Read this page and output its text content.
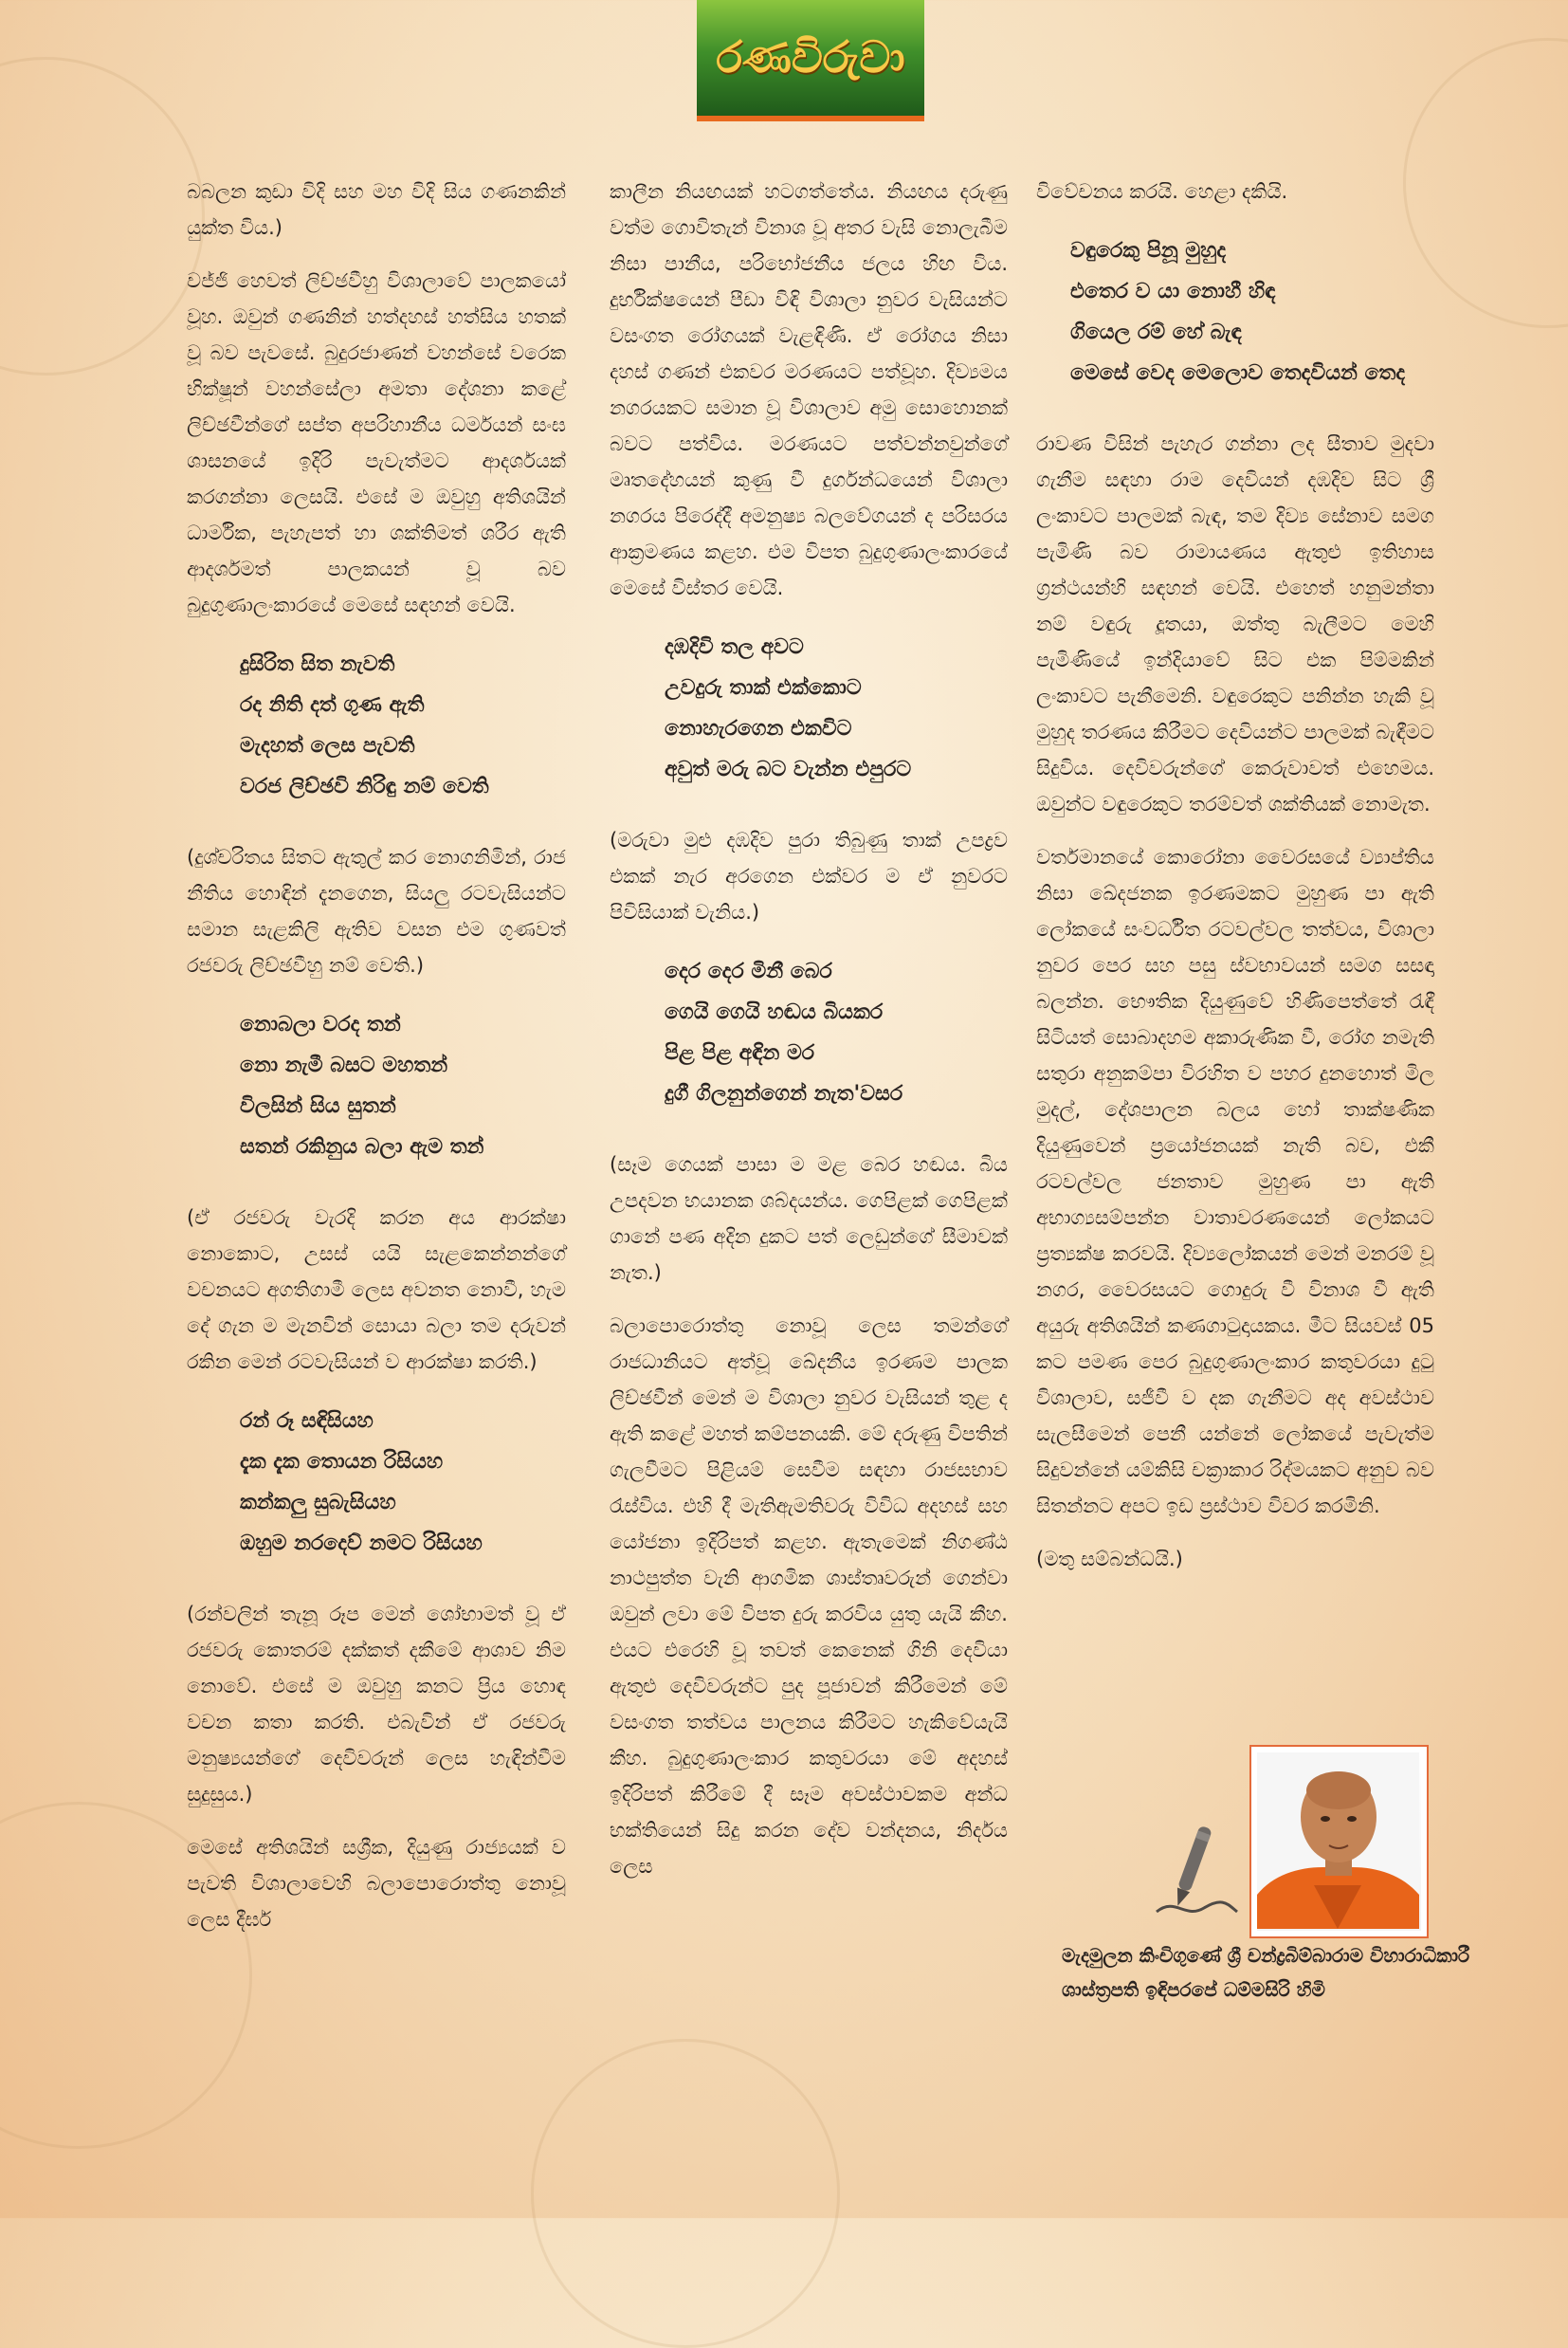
රණවිරුවා

බබලන කුඩා විදි සහ මහ විදි සිය ගණනකින් යුක්ත විය.)

වජ්ජි හෙවත් ලිච්ඡවීහු විශාලාවේ පාලකයෝ වූහ. ඔවුන් ගණනින් හත්දහස් හත්සිය හතක් වූ බව පැවසේ. බුදුරජාණන් වහන්සේ වරෙක භික්ෂූන් වහන්සේලා අමතා දේශනා කළේ ලිච්ඡවීන්ගේ සප්ත අපරිහානීය ධර්මයන් සංඝ ශාසනයේ ඉදිරි පැවැත්මට ආදර්ශයක් කරගන්නා ලෙසයි. එසේ ම ඔවුහු අතිශයින් ධාර්මික, පැහැපත් හා ශක්තිමත් ශරීර ඇති ආදර්ශමත් පාලකයන් වූ බව බුදුගුණාලංකාරයේ මෙසේ සඳහන් වෙයි.

දුසිරිත සිත නැවති
රද නිති දත් ගුණ ඇති
මැදහත් ලෙස පැවති
වරජ ලිච්ඡවි නිරිඳු නම් වෙති

(දුශ්චරිතය සිතට ඇතුල් කර නොගනිමින්, රාජ නීතිය හොඳින් දැනගෙන, සියලු රටවැසියන්ට සමාන සැළකිලි ඇතිව වසන එම ගුණවත් රජවරු ලිච්ඡවීහු නම් වෙති.)

නොබලා වරද තන්
නො නැමී බසට මහතන්
විලසින් සිය සුතන්
සතන් රකිනුය බලා ඇම තන්

(ඒ රජවරු වැරදි කරන අය ආරක්ෂා නොකොට, උසස් යයි සැළකෙන්නන්ගේ වචනයට අගතිගාමී ලෙස අවනත නොවී, හැම දේ ගැන ම මැනවින් සොයා බලා තම දරුවන් රකින මෙන් රටවැසියන් ව ආරක්ෂා කරති.)

රන් රූ සඳිසියහ
දැක දැක තොයන රිසියහ
කන්කලු සුබැසියහ
ඔහුම නරදෙව් නමට රිසියහ

(රන්වලින් තැනූ රූප මෙන් ශෝභාමත් වූ ඒ රජවරු කොතරම් දක්කත් දකීමේ ආශාව නිම නොවේ. එසේ ම ඔවුහු කනට ප්‍රිය හොඳ වචන කතා කරති. එබැවින් ඒ රජවරු මනුෂ්‍යයන්ගේ දෙවිවරුන් ලෙස හැඳින්වීම සුදුසුය.)

මෙසේ අතිශයින් සශ්‍රීක, දියුණු රාජ්‍යයක් ව පැවති විශාලාවෙහි බලාපොරොත්තු නොවූ ලෙස දීර්ඝ

කාලීන නියඟයක් හටගත්තේය. නියඟය දරුණු වත්ම ගොවිතැන් විනාශ වූ අතර වැසි නොලැබීම නිසා පානීය, පරිභෝජනීය ජලය හිඟ විය. දුර්භික්ෂයෙන් පීඩා විඳි විශාලා නුවර වැසියන්ට වසංගත රෝගයක් වැළඳිණි. ඒ රෝගය නිසා දහස් ගණන් එකවර මරණයට පත්වූහ. දිව්‍යමය නගරයකට සමාන වූ විශාලාව අමු සොහොනක් බවට පත්විය. මරණයට පත්වන්නවුන්ගේ මෘතදේහයන් කුණු වී දුර්ගන්ධයෙන් විශාලා නගරය පිරෙද්දී අමනුෂ්‍ය බලවේගයන් ද පරිසරය ආක්‍රමණය කළහ. එම විපත බුදුගුණාලංකාරයේ මෙසේ විස්තර වෙයි.

දඹදිවි තල අවට
උවදුරු තාක් එක්කොට
නොහැරගෙන එකවිට
අවුත් මරු බට වැන්න එපුරට

(මරුවා මුළු දඹදිව පුරා තිබුණු තාක් උපද්‍රව එකක් නැර අරගෙන එක්වර ම ඒ නුවරට පිවිසියාක් වැනිය.)

දෙර දෙර මිනී බෙර
ගෙයි ගෙයි හඬය බියකර
පිළ පිළ අඳින මර
දුගී ගිලනුන්ගෙන් නැත'වසර

(සෑම ගෙයක් පාසා ම මළ බෙර හඬය. බිය උපදවන භයානක ශබ්දයන්ය. ගෙපිළක් ගෙපිළක් ගානේ පණ අදින දුකට පත් ලෙඩුන්ගේ සීමාවක් නැත.)

බලාපොරොත්තු නොවූ ලෙස තමන්ගේ රාජධානියට අත්වූ ඛේදනීය ඉරණම පාලක ලිච්ඡවීන් මෙන් ම විශාලා නුවර වැසියන් තුළ ද ඇති කළේ මහත් කම්පනයකි. මේ දරුණු විපතින් ගැලවීමට පිළියම් සෙවීම සඳහා රාජසභාව රැස්විය. එහි දී මැතිඇමතිවරු විවිධ අදහස් සහ යෝජනා ඉදිරිපත් කළහ. ඇතැමෙක් නිගණ්ඨ නාථපුත්ත වැනි ආගමික ශාස්තෘවරුන් ගෙන්වා ඔවුන් ලවා මේ විපත දුරු කරවිය යුතු යැයි කීහ. එයට එරෙහි වූ තවත් කෙනෙක් ගිනි දෙවියා ඇතුළු දෙවිවරුන්ට පුද පූජාවන් කිරීමෙන් මේ වසංගත තත්වය පාලනය කිරීමට හැකිවේයැයි කීහ. බුදුගුණාලංකාර කතුවරයා මේ අදහස් ඉදිරිපත් කිරීමේ දී සෑම අවස්ථාවකම අන්ධ භක්තියෙන් සිදු කරන දේව වන්දනය, නිර්දය ලෙස

විවේචනය කරයි. හෙළා දකියි.

වඳුරෙකු පිනූ මුහුද
එතෙර ව යා නොහී හිඳ
ගියෙල රම් හේ බැඳ
මෙසේ වෙද මෙලොව තෙදවියන් තෙද

රාවණ විසින් පැහැර ගන්නා ලද සීතාව මුදවා ගැනීම සඳහා රාම දෙවියන් දඹදිව සිට ශ්‍රී ලංකාවට පාලමක් බැඳ, තම දිව්‍ය සේනාව සමග පැමිණි බව රාමායණය ඇතුළු ඉතිහාස ග්‍රන්ථයන්හි සඳහන් වෙයි. එහෙත් හනුමන්තා නම් වඳුරු දූතයා, ඔත්තු බැලීමට මෙහි පැමිණියේ ඉන්දියාවේ සිට එක පිම්මකින් ලංකාවට පැනීමෙනි. වඳුරෙකුට පනින්න හැකි වූ මුහුද තරණය කිරීමට දෙවියන්ට පාලමක් බැඳීමට සිදුවිය. දෙවිවරුන්ගේ කෙරුවාවත් එහෙමය. ඔවුන්ට වඳුරෙකුට තරම්වත් ශක්තියක් නොමැත.

වර්තමානයේ කොරෝනා වෛරසයේ ව්‍යාප්තිය නිසා ඛේදජනක ඉරණමකට මුහුණ පා ඇති ලෝකයේ සංවර්ධිත රටවල්වල තත්වය, විශාලා නුවර පෙර සහ පසු ස්වභාවයන් සමග සසඳා බලන්න. භෞතික දියුණුවේ හිණිපෙත්තේ රැඳී සිටියත් සොබාදහම අකාරුණික වී, රෝග නමැති සතුරා අනුකම්පා විරහිත ව පහර දුනහොත් මිල මුදල්, දේශපාලන බලය හෝ තාක්ෂණික දියුණුවෙන් ප්‍රයෝජනයක් නැති බව, එකී රටවල්වල ජනතාව මුහුණ පා ඇති අභාග්‍යසම්පන්න වාතාවරණයෙන් ලෝකයට ප්‍රත්‍යක්ෂ කරවයි. දිව්‍යලෝකයන් මෙන් මනරම් වූ නගර, වෛරසයට ගොදුරු වී විනාශ වී ඇති අයුරු අතිශයින් කණගාටුදායකය. මීට සියවස් 05 කට පමණ පෙර බුදුගුණාලංකාර කතුවරයා දුටු විශාලාව, සජීවී ව දක ගැනීමට අද අවස්ථාව සැලසීමෙන් පෙනී යන්නේ ලෝකයේ පැවැත්ම සිදුවන්නේ යම්කිසි චක්‍රාකාර රිද්මයකට අනුව බව සිතන්නට අපට ඉඩ ප්‍රස්ථාව විවර කරමිනි.

(මතු සම්බන්ධයි.)

මැදමුලන කිංචිගුණේ ශ්‍රී චන්ද්‍රබිම්බාරාම විහාරාධිකාරී
ශාස්ත්‍රපති ඉඳිපරපේ ධම්මසිරි හිමි
